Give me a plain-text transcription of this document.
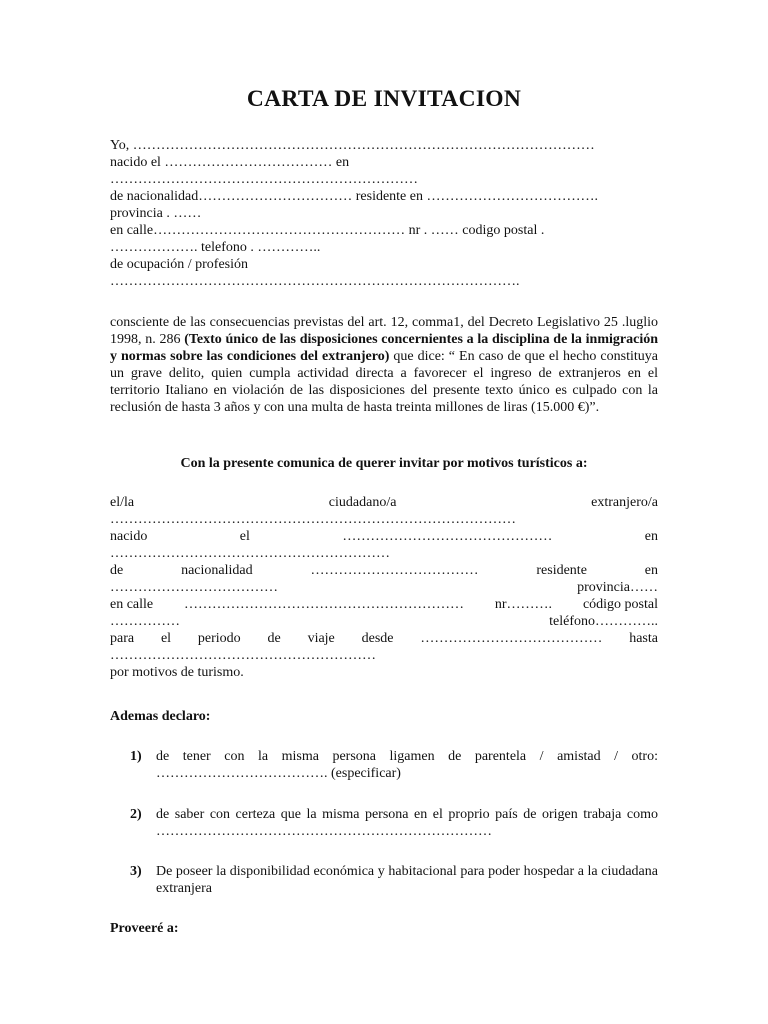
CARTA DE INVITACION
Yo, ………………………………………………………………………………………
nacido el ……………………………… en
…………………………………………………………
de nacionalidad…………………………… residente en ……………………………….
provincia . ……
en calle……………………………………………… nr . …… codigo postal .
………………. telefono . …………..
de ocupación / profesión
…………………………………………………………………………….
consciente de las consecuencias previstas del art. 12, comma1, del Decreto Legislativo 25 .luglio 1998, n. 286 (Texto único de las disposiciones concernientes a la disciplina de la inmigración y normas sobre las condiciones del extranjero) que dice: “ En caso de que el hecho constituya un grave delito, quien cumpla actividad directa a favorecer el ingreso de extranjeros en el territorio Italiano en violación de las disposiciones del presente texto único es culpado con la reclusión de hasta 3 años y con una multa de hasta treinta millones de liras (15.000 €)”.
Con la presente comunica de querer invitar por motivos turísticos a:
el/la	ciudadano/a	extranjero/a
……………………………………………………………………………
nacido	el	………………………………………	en
……………………………………………………
de	nacionalidad	………………………………	residente	en
………………………………	provincia……
en calle …………………………………………………… nr………. código postal
……………	teléfono…………..
para el periodo de viaje desde ………………………………… hasta
…………………………………………………
por motivos de turismo.
Ademas declaro:
1) de tener con la misma persona ligamen de parentela / amistad / otro: ………………………………. (especificar)
2) de saber con certeza que la misma persona en el proprio país de origen trabaja como ………………………………………………………………
3) De poseer la disponibilidad económica y habitacional para poder hospedar a la ciudadana extranjera
Proveeré a:
